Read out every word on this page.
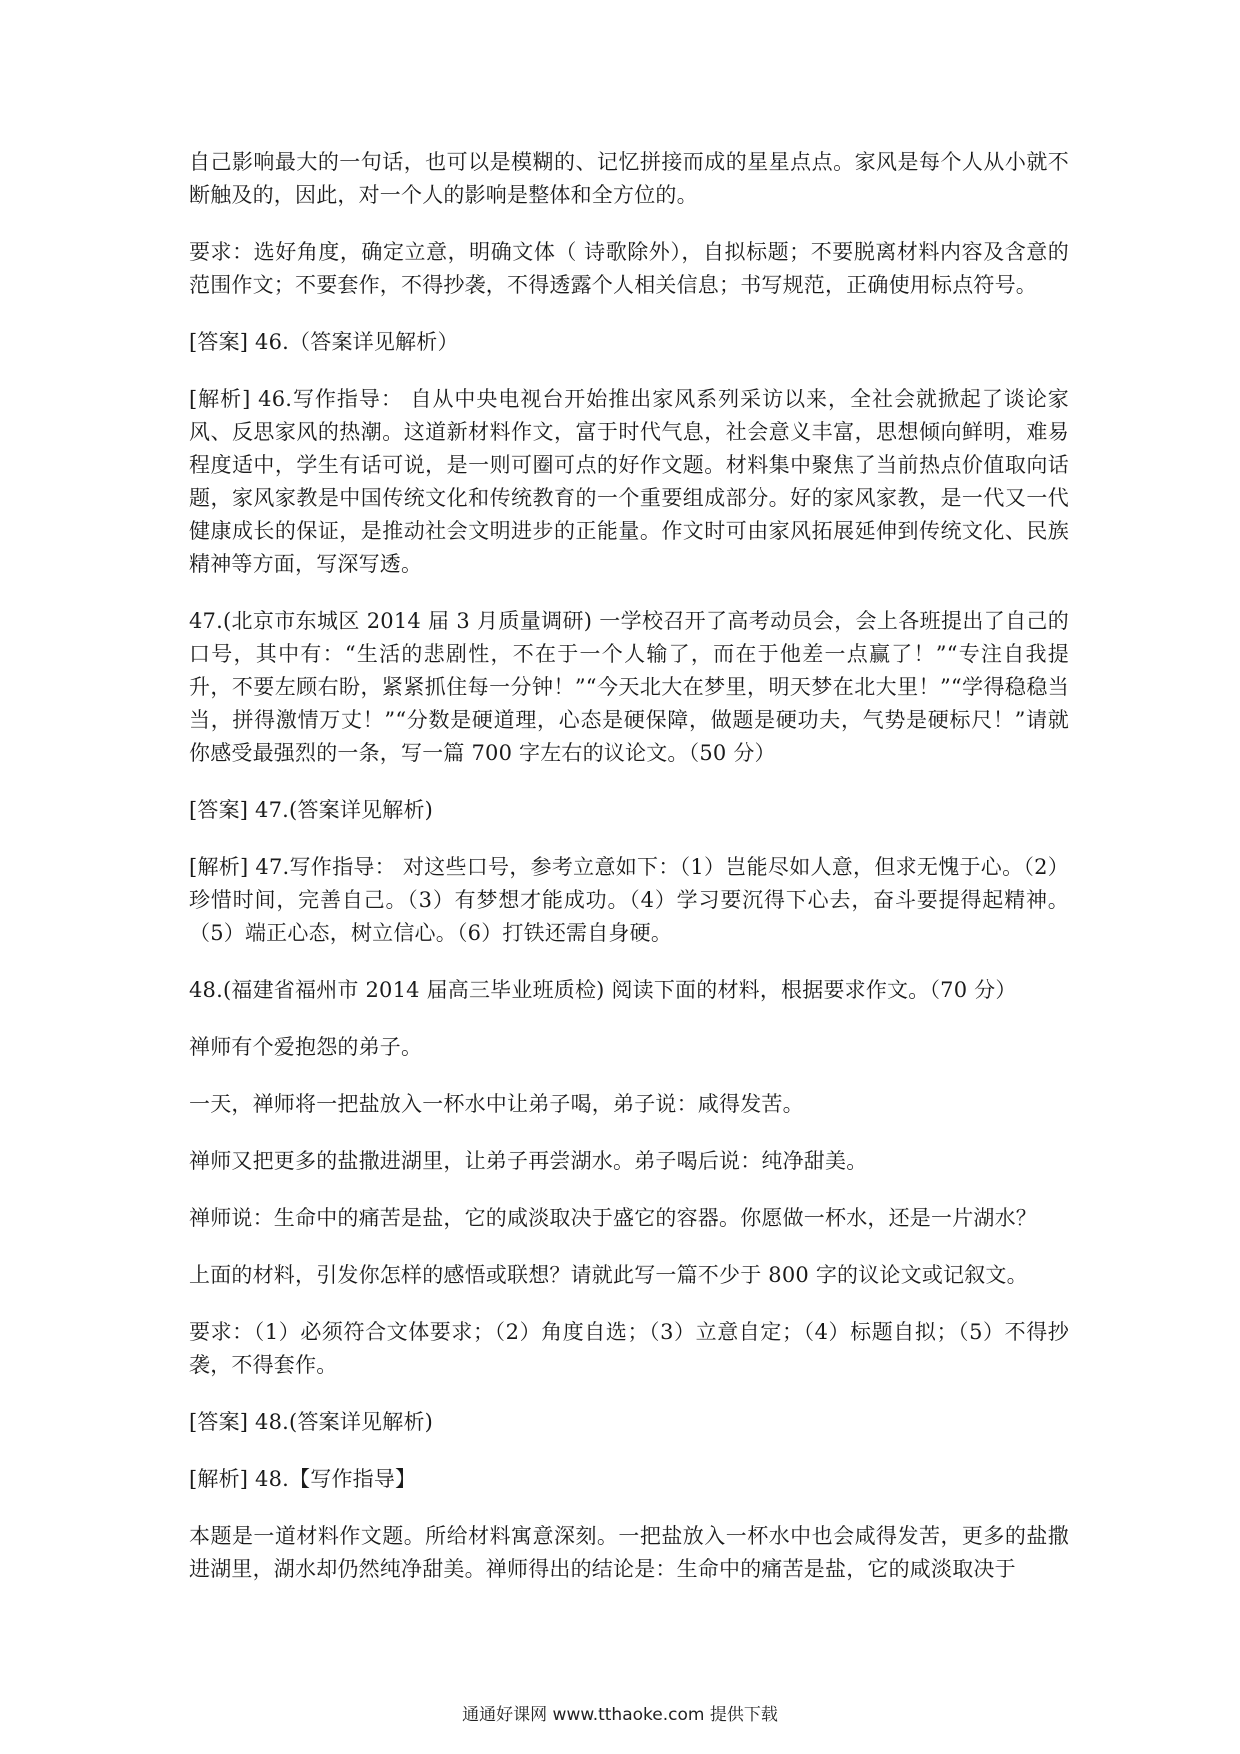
自己影响最大的一句话，也可以是模糊的、记忆拼接而成的星星点点。家风是每个人从小就不断触及的，因此，对一个人的影响是整体和全方位的。

要求：选好角度，确定立意，明确文体（ 诗歌除外），自拟标题；不要脱离材料内容及含意的范围作文；不要套作，不得抄袭，不得透露个人相关信息；书写规范，正确使用标点符号。

[答案] 46.（答案详见解析）

[解析] 46.写作指导： 自从中央电视台开始推出家风系列采访以来，全社会就掀起了谈论家风、反思家风的热潮。这道新材料作文，富于时代气息，社会意义丰富，思想倾向鲜明，难易程度适中，学生有话可说，是一则可圈可点的好作文题。材料集中聚焦了当前热点价值取向话题，家风家教是中国传统文化和传统教育的一个重要组成部分。好的家风家教，是一代又一代健康成长的保证，是推动社会文明进步的正能量。作文时可由家风拓展延伸到传统文化、民族精神等方面，写深写透。

47.(北京市东城区 2014 届 3 月质量调研) 一学校召开了高考动员会，会上各班提出了自己的口号，其中有：“生活的悲剧性，不在于一个人输了，而在于他差一点赢了！”“专注自我提升，不要左顾右盼，紧紧抓住每一分钟！”“今天北大在梦里，明天梦在北大里！”“学得稳稳当当，拼得激情万丈！”“分数是硬道理，心态是硬保障，做题是硬功夫，气势是硬标尺！”请就你感受最强烈的一条，写一篇 700 字左右的议论文。（50 分）

[答案] 47.(答案详见解析)

[解析] 47.写作指导： 对这些口号，参考立意如下：（1）岂能尽如人意，但求无愧于心。（2）珍惜时间，完善自己。（3）有梦想才能成功。（4）学习要沉得下心去，奋斗要提得起精神。（5）端正心态，树立信心。（6）打铁还需自身硬。

48.(福建省福州市 2014 届高三毕业班质检) 阅读下面的材料，根据要求作文。（70 分）

禅师有个爱抱怨的弟子。

一天，禅师将一把盐放入一杯水中让弟子喝，弟子说：咸得发苦。

禅师又把更多的盐撒进湖里，让弟子再尝湖水。弟子喝后说：纯净甜美。

禅师说：生命中的痛苦是盐，它的咸淡取决于盛它的容器。你愿做一杯水，还是一片湖水？

上面的材料，引发你怎样的感悟或联想？请就此写一篇不少于 800 字的议论文或记叙文。

要求：（1）必须符合文体要求；（2）角度自选；（3）立意自定；（4）标题自拟；（5）不得抄袭，不得套作。

[答案] 48.(答案详见解析)

[解析] 48.【写作指导】

本题是一道材料作文题。所给材料寓意深刻。一把盐放入一杯水中也会咸得发苦，更多的盐撒进湖里，湖水却仍然纯净甜美。禅师得出的结论是：生命中的痛苦是盐，它的咸淡取决于

通通好课网 www.tthaoke.com 提供下载
